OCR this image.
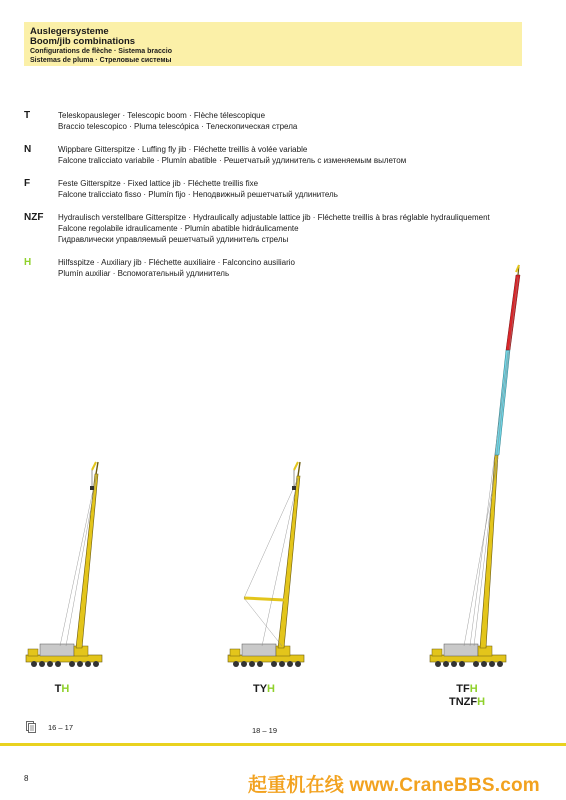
Auslegersysteme
Boom/jib combinations
Configurations de flèche · Sistema braccio
Sistemas de pluma · Стреловые системы
T	Teleskopausleger · Telescopic boom · Flèche télescopique
Braccio telescopico · Pluma telescópica · Телескопическая стрела
N	Wippbare Gitterspitze · Luffing fly jib · Fléchette treillis à volée variable
Falcone tralicciato variabile · Plumín abatible · Решетчатый удлинитель с изменяемым вылетом
F	Feste Gitterspitze · Fixed lattice jib · Fléchette treillis fixe
Falcone tralicciato fisso · Plumín fijo · Неподвижный решетчатый удлинитель
NZF Hydraulisch verstellbare Gitterspitze · Hydraulically adjustable lattice jib · Fléchette treillis à bras réglable hydrauliquement
Falcone regolabile idraulicamente · Plumín abatible hidráulicamente
Гидравлически управляемый решетчатый удлинитель стрелы
H	Hilfsspitze · Auxiliary jib · Fléchette auxiliaire · Falconcino ausiliario
Plumín auxiliar · Вспомогательный удлинитель
TH	TYH	TFH
TNZFH
16 – 17	18 – 19
8	起重机在线 www.CraneBBS.com
